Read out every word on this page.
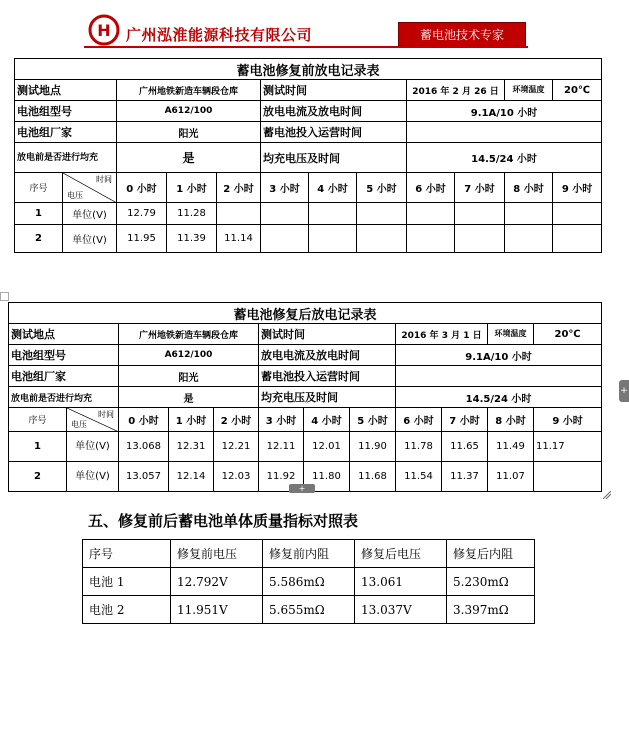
H 广州泓淮能源科技有限公司	蓄电池技术专家
蓄电池修复前放电记录表											
测试地点		广州地铁新造车辆段仓库			测试时间			2016 年 2 月 26 日		环境温度	20℃
电池组型号		A612/100			放电电流及放电时间			9.1A/10 小时			
电池组厂家		阳光			蓄电池投入运营时间						
放电前是否进行均充		是			均充电压及时间			14.5/24 小时			
序号	时间
电压	0 小时	1 小时	2 小时	3 小时	4 小时	5 小时	6 小时	7 小时	8 小时	9 小时
1	单位(V)	12.79	11.28								
2	单位(V)	11.95	11.39	11.14							
蓄电池修复后放电记录表											
测试地点		广州地铁新造车辆段仓库			测试时间			2016 年 3 月 1 日		环境温度	20℃
电池组型号		A612/100			放电电流及放电时间			9.1A/10 小时			
电池组厂家		阳光			蓄电池投入运营时间						
放电前是否进行均充		是			均充电压及时间			14.5/24 小时			
序号	时间
电压	0 小时	1 小时	2 小时	3 小时	4 小时	5 小时	6 小时	7 小时	8 小时	9 小时
1	单位(V)	13.068	12.31	12.21	12.11	12.01	11.90	11.78	11.65	11.49	11.17
2	单位(V)	13.057	12.14	12.03	11.92	11.80	11.68	11.54	11.37	11.07	
+
+
五、修复前后蓄电池单体质量指标对照表
序号	修复前电压	修复前内阻	修复后电压	修复后内阻
电池 1	12.792V	5.586mΩ	13.061	5.230mΩ
电池 2	11.951V	5.655mΩ	13.037V	3.397mΩ
